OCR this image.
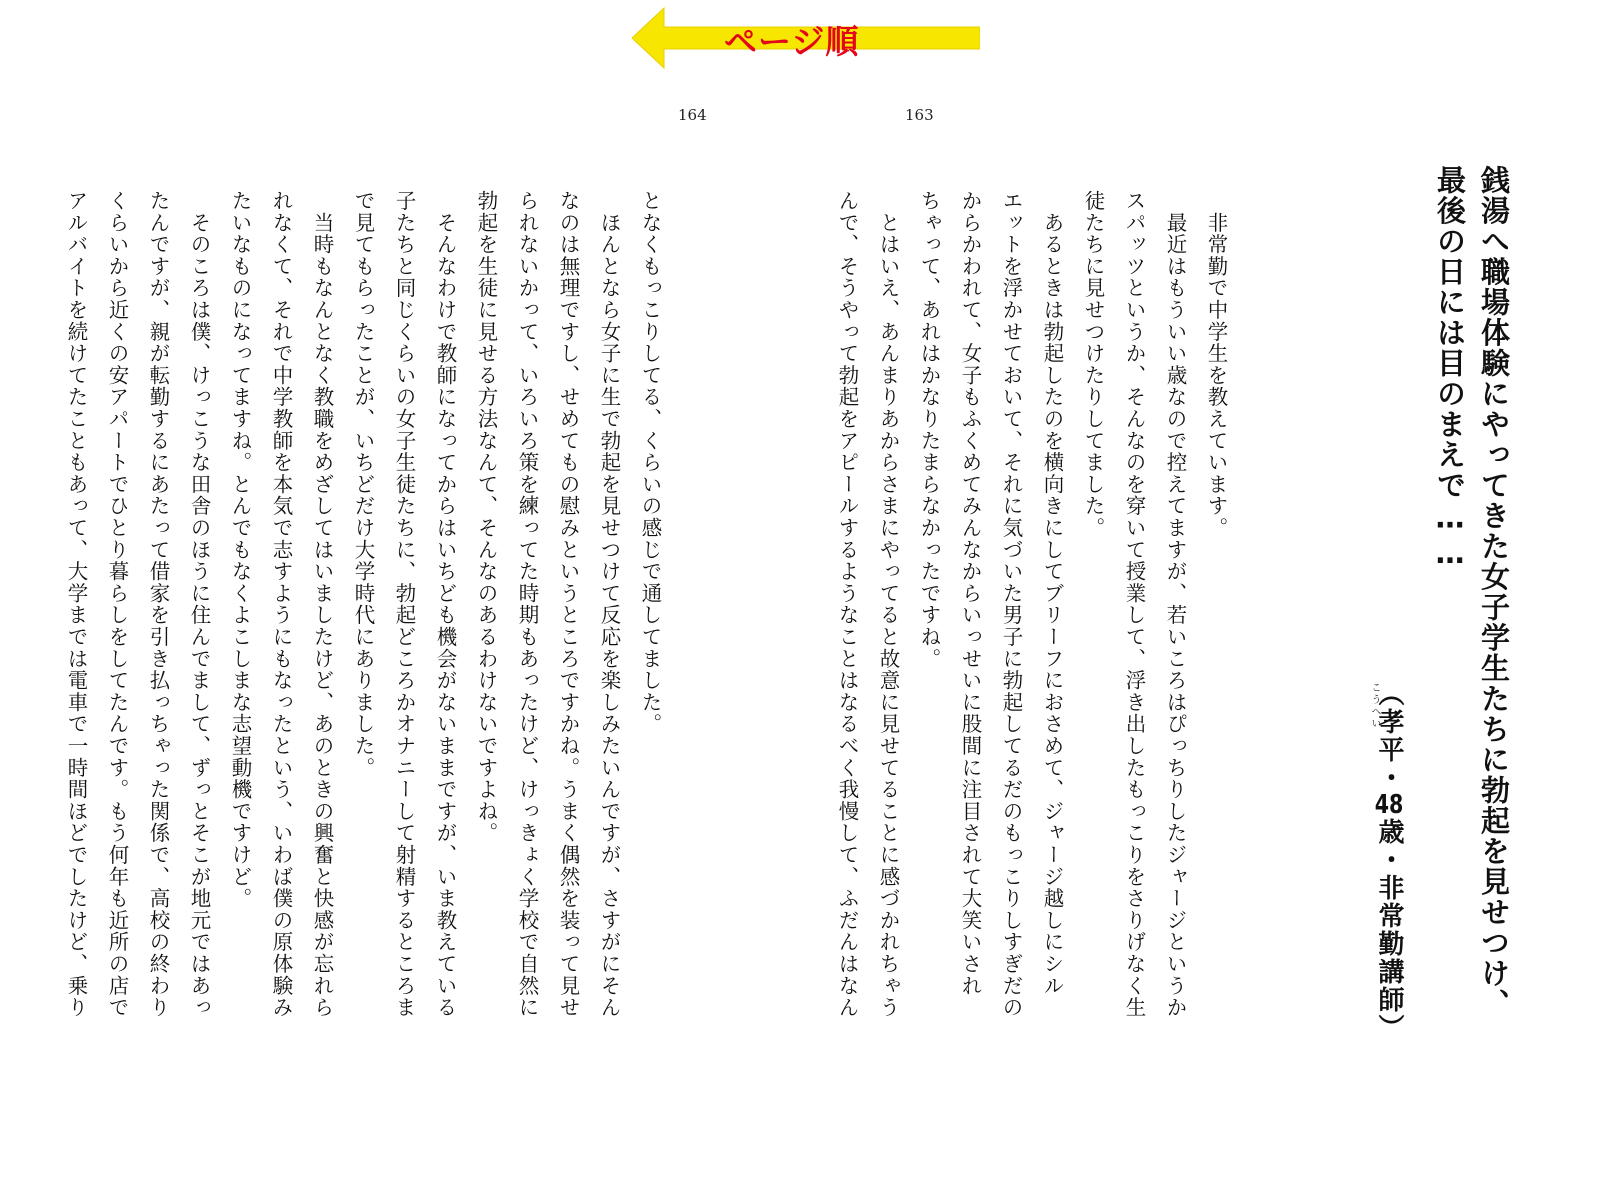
ページ順
164	163
銭湯へ職場体験にやってきた女子学生たちに勃起を見せつけ、
最後の日には目のまえで……
こうへい
（孝平・48歳・非常勤講師）

　非常勤で中学生を教えています。

　最近はもういい歳なので控えてますが、若いころはぴっちりしたジャージというか

スパッツというか、そんなのを穿いて授業して、浮き出したもっこりをさりげなく生

徒たちに見せつけたりしてました。

　あるときは勃起したのを横向きにしてブリーフにおさめて、ジャージ越しにシル

エットを浮かせておいて、それに気づいた男子に勃起してるだのもっこりしすぎだの

からかわれて、女子もふくめてみんなからいっせいに股間に注目されて大笑いされ

ちゃって、あれはかなりたまらなかったですね。

　とはいえ、あんまりあからさまにやってると故意に見せてることに感づかれちゃう

んで、そうやって勃起をアピールするようなことはなるべく我慢して、ふだんはなん

となくもっこりしてる、くらいの感じで通してました。

　ほんとなら女子に生で勃起を見せつけて反応を楽しみたいんですが、さすがにそん

なのは無理ですし、せめてもの慰みというところですかね。うまく偶然を装って見せ

られないかって、いろいろ策を練ってた時期もあったけど、けっきょく学校で自然に

勃起を生徒に見せる方法なんて、そんなのあるわけないですよね。

　そんなわけで教師になってからはいちども機会がないままですが、いま教えている

子たちと同じくらいの女子生徒たちに、勃起どころかオナニーして射精するところま

で見てもらったことが、いちどだけ大学時代にありました。

　当時もなんとなく教職をめざしてはいましたけど、あのときの興奮と快感が忘れら

れなくて、それで中学教師を本気で志すようにもなったという、いわば僕の原体験み

たいなものになってますね。とんでもなくよこしまな志望動機ですけど。

　そのころは僕、けっこうな田舎のほうに住んでまして、ずっとそこが地元ではあっ

たんですが、親が転勤するにあたって借家を引き払っちゃった関係で、高校の終わり

くらいから近くの安アパートでひとり暮らしをしてたんです。もう何年も近所の店で

アルバイトを続けてたこともあって、大学までは電車で一時間ほどでしたけど、乗り
